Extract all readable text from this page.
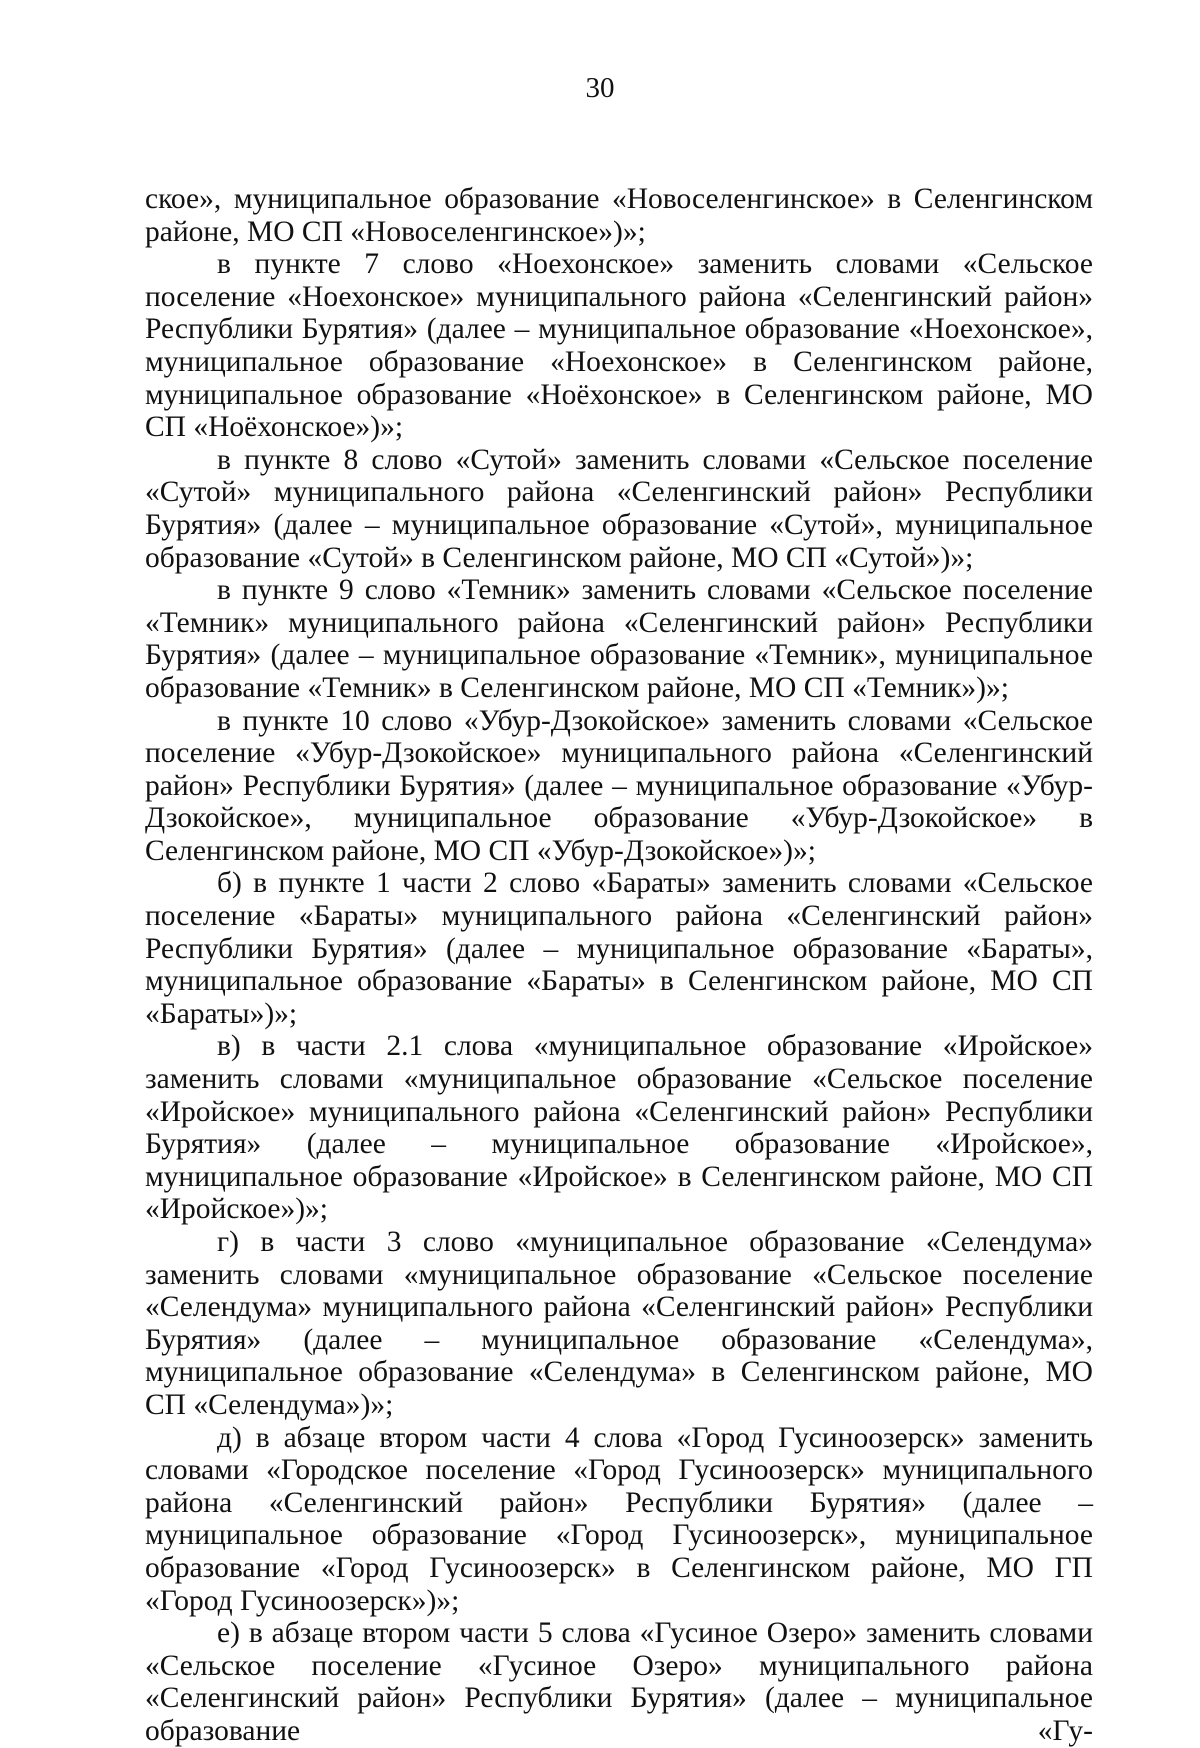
30

ское», муниципальное образование «Новоселенгинское» в Селенгинском районе, МО СП «Новоселенгинское»)»;

в пункте 7 слово «Ноехонское» заменить словами «Сельское поселение «Ноехонское» муниципального района «Селенгинский район» Республики Бурятия» (далее – муниципальное образование «Ноехонское», муниципальное образование «Ноехонское» в Селенгинском районе, муниципальное образование «Ноёхонское» в Селенгинском районе, МО СП «Ноёхонское»)»;

в пункте 8 слово «Сутой» заменить словами «Сельское поселение «Сутой» муниципального района «Селенгинский район» Республики Бурятия» (далее – муниципальное образование «Сутой», муниципальное образование «Сутой» в Селенгинском районе, МО СП «Сутой»)»;

в пункте 9 слово «Темник» заменить словами «Сельское поселение «Темник» муниципального района «Селенгинский район» Республики Бурятия» (далее – муниципальное образование «Темник», муниципальное образование «Темник» в Селенгинском районе, МО СП «Темник»)»;

в пункте 10 слово «Убур-Дзокойское» заменить словами «Сельское поселение «Убур-Дзокойское» муниципального района «Селенгинский район» Республики Бурятия» (далее – муниципальное образование «Убур-Дзокойское», муниципальное образование «Убур-Дзокойское» в Селенгинском районе, МО СП «Убур-Дзокойское»)»;

б) в пункте 1 части 2 слово «Бараты» заменить словами «Сельское поселение «Бараты» муниципального района «Селенгинский район» Республики Бурятия» (далее – муниципальное образование «Бараты», муниципальное образование «Бараты» в Селенгинском районе, МО СП «Бараты»)»;

в) в части 2.1 слова «муниципальное образование «Иройское» заменить словами «муниципальное образование «Сельское поселение «Иройское» муниципального района «Селенгинский район» Республики Бурятия» (далее – муниципальное образование «Иройское», муниципальное образование «Иройское» в Селенгинском районе, МО СП «Иройское»)»;

г) в части 3 слово «муниципальное образование «Селендума» заменить словами «муниципальное образование «Сельское поселение «Селендума» муниципального района «Селенгинский район» Республики Бурятия» (далее – муниципальное образование «Селендума», муниципальное образование «Селендума» в Селенгинском районе, МО СП «Селендума»)»;

д) в абзаце втором части 4 слова «Город Гусиноозерск» заменить словами «Городское поселение «Город Гусиноозерск» муниципального района «Селенгинский район» Республики Бурятия» (далее – муниципальное образование «Город Гусиноозерск», муниципальное образование «Город Гусиноозерск» в Селенгинском районе, МО ГП «Город Гусиноозерск»)»;

е) в абзаце втором части 5 слова «Гусиное Озеро» заменить словами «Сельское поселение «Гусиное Озеро» муниципального района «Селенгинский район» Республики Бурятия» (далее – муниципальное образование «Гу-
